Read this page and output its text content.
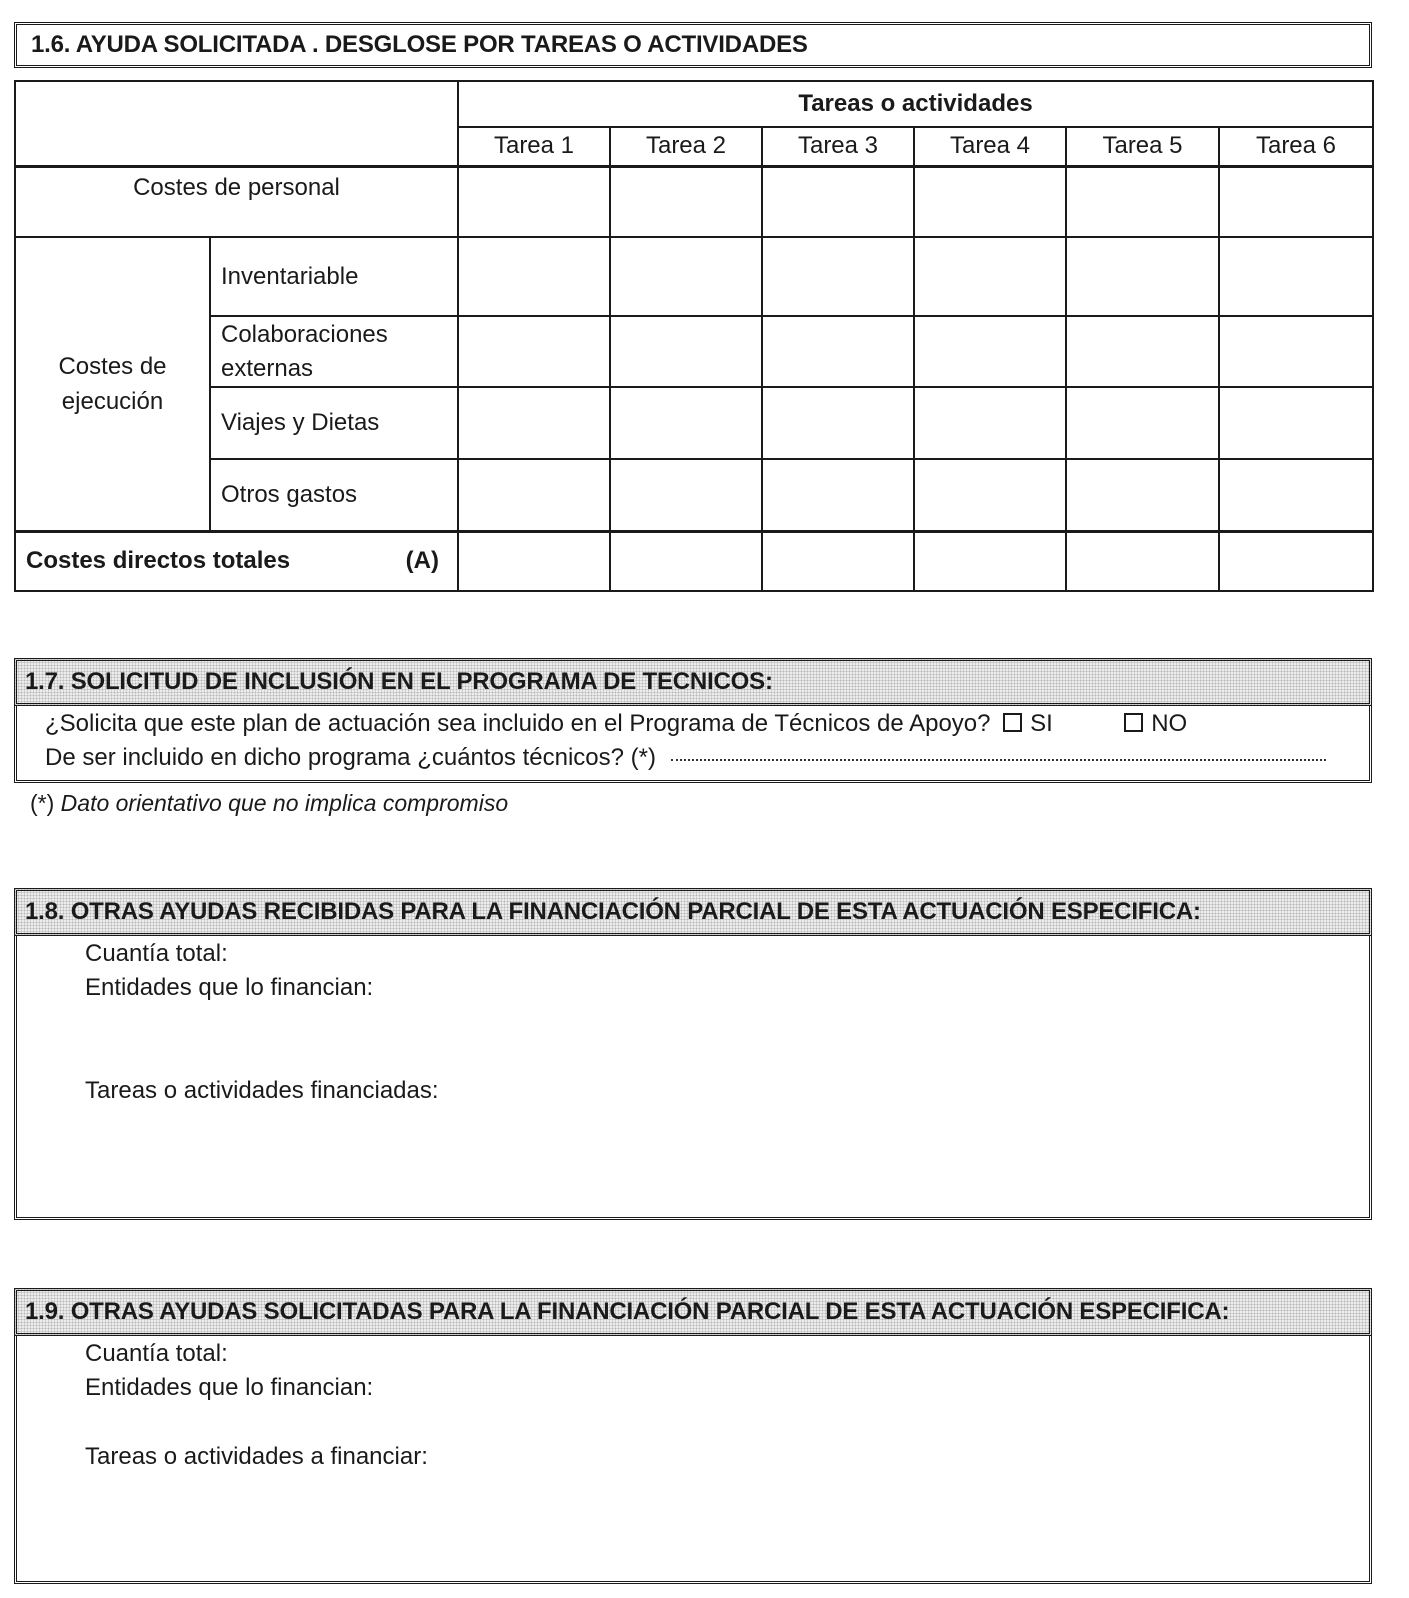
1.6. AYUDA SOLICITADA . DESGLOSE POR TAREAS O ACTIVIDADES
		Tareas o actividades					
		Tarea 1	Tarea 2	Tarea 3	Tarea 4	Tarea 5	Tarea 6
Costes de personal							
Costes de ejecución	Inventariable						
	Colaboraciones externas						
	Viajes y Dietas						
	Otros gastos						

Costes directos totales (A)							

1.7. SOLICITUD DE INCLUSIÓN EN EL PROGRAMA DE TECNICOS:
¿Solicita que este plan de actuación sea incluido en el Programa de Técnicos de Apoyo? SI	NO
De ser incluido en dicho programa ¿cuántos técnicos? (*)
(*) Dato orientativo que no implica compromiso
1.8. OTRAS AYUDAS RECIBIDAS PARA LA FINANCIACIÓN PARCIAL DE ESTA ACTUACIÓN ESPECIFICA:
Cuantía total:
Entidades que lo financian:
Tareas o actividades financiadas:
1.9. OTRAS AYUDAS SOLICITADAS PARA LA FINANCIACIÓN PARCIAL DE ESTA ACTUACIÓN ESPECIFICA:
Cuantía total:
Entidades que lo financian:
Tareas o actividades a financiar:
